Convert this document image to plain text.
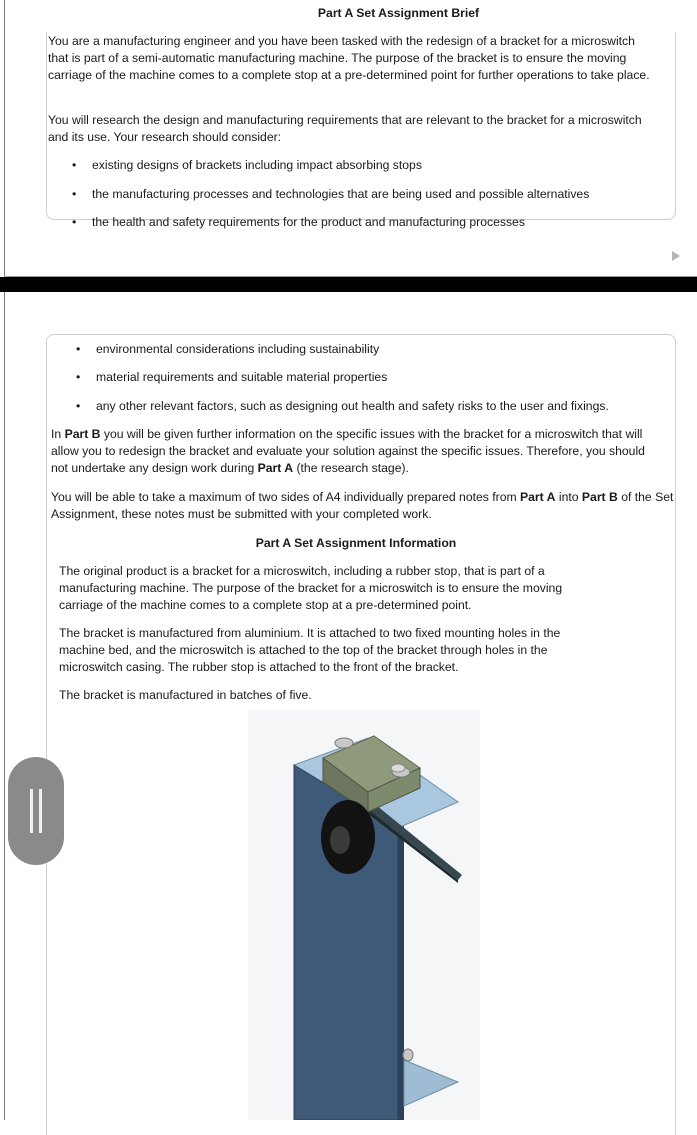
Part A Set Assignment Brief

You are a manufacturing engineer and you have been tasked with the redesign of a bracket for a microswitch that is part of a semi-automatic manufacturing machine. The purpose of the bracket is to ensure the moving carriage of the machine comes to a complete stop at a pre-determined point for further operations to take place.

You will research the design and manufacturing requirements that are relevant to the bracket for a microswitch and its use. Your research should consider:

• existing designs of brackets including impact absorbing stops
• the manufacturing processes and technologies that are being used and possible alternatives
• the health and safety requirements for the product and manufacturing processes
• environmental considerations including sustainability
• material requirements and suitable material properties
• any other relevant factors, such as designing out health and safety risks to the user and fixings.

In Part B you will be given further information on the specific issues with the bracket for a microswitch that will allow you to redesign the bracket and evaluate your solution against the specific issues. Therefore, you should not undertake any design work during Part A (the research stage).

You will be able to take a maximum of two sides of A4 individually prepared notes from Part A into Part B of the Set Assignment, these notes must be submitted with your completed work.

Part A Set Assignment Information

The original product is a bracket for a microswitch, including a rubber stop, that is part of a manufacturing machine. The purpose of the bracket for a microswitch is to ensure the moving carriage of the machine comes to a complete stop at a pre-determined point.

The bracket is manufactured from aluminium. It is attached to two fixed mounting holes in the machine bed, and the microswitch is attached to the top of the bracket through holes in the microswitch casing. The rubber stop is attached to the front of the bracket.

The bracket is manufactured in batches of five.
